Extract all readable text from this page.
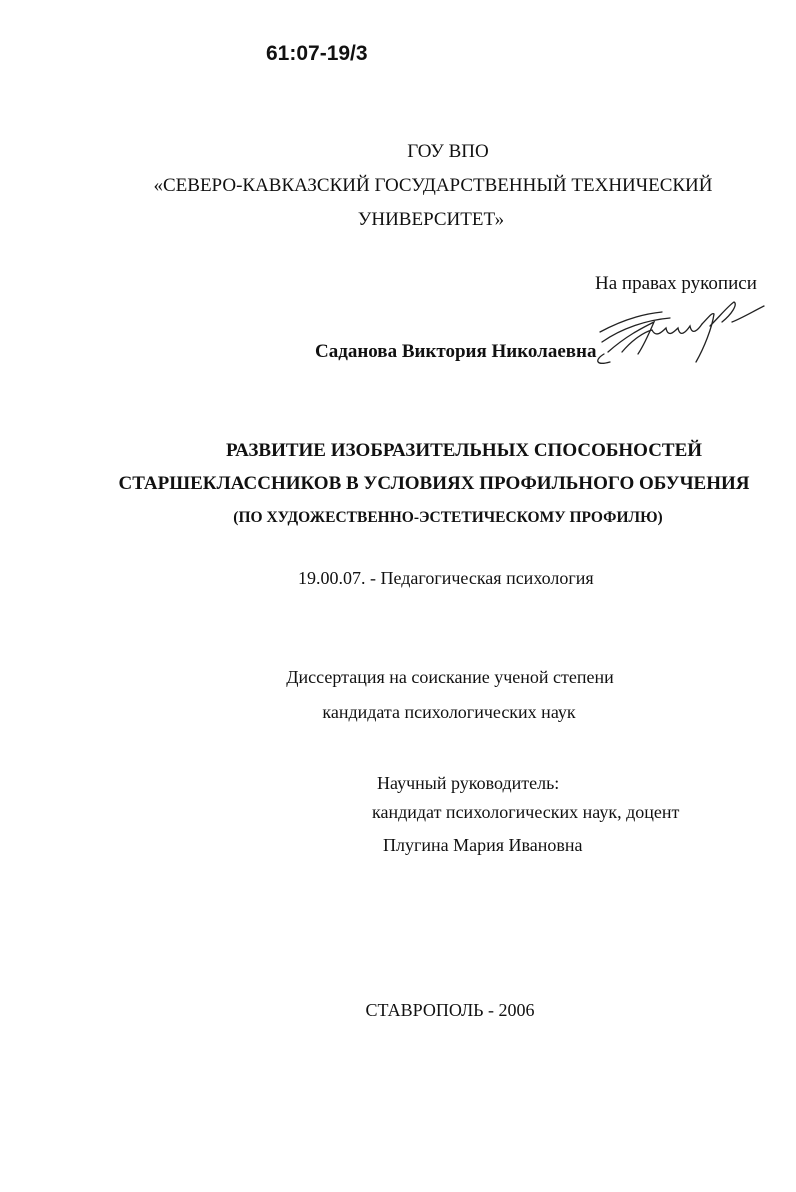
61:07-19/3
ГОУ ВПО
«СЕВЕРО-КАВКАЗСКИЙ ГОСУДАРСТВЕННЫЙ ТЕХНИЧЕСКИЙ
УНИВЕРСИТЕТ»
На правах рукописи
Саданова Виктория Николаевна
РАЗВИТИЕ ИЗОБРАЗИТЕЛЬНЫХ СПОСОБНОСТЕЙ
СТАРШЕКЛАССНИКОВ В УСЛОВИЯХ ПРОФИЛЬНОГО ОБУЧЕНИЯ
(ПО ХУДОЖЕСТВЕННО-ЭСТЕТИЧЕСКОМУ ПРОФИЛЮ)
19.00.07. - Педагогическая психология
Диссертация на соискание ученой степени
кандидата психологических наук
Научный руководитель:
кандидат психологических наук, доцент
Плугина Мария Ивановна
СТАВРОПОЛЬ - 2006
